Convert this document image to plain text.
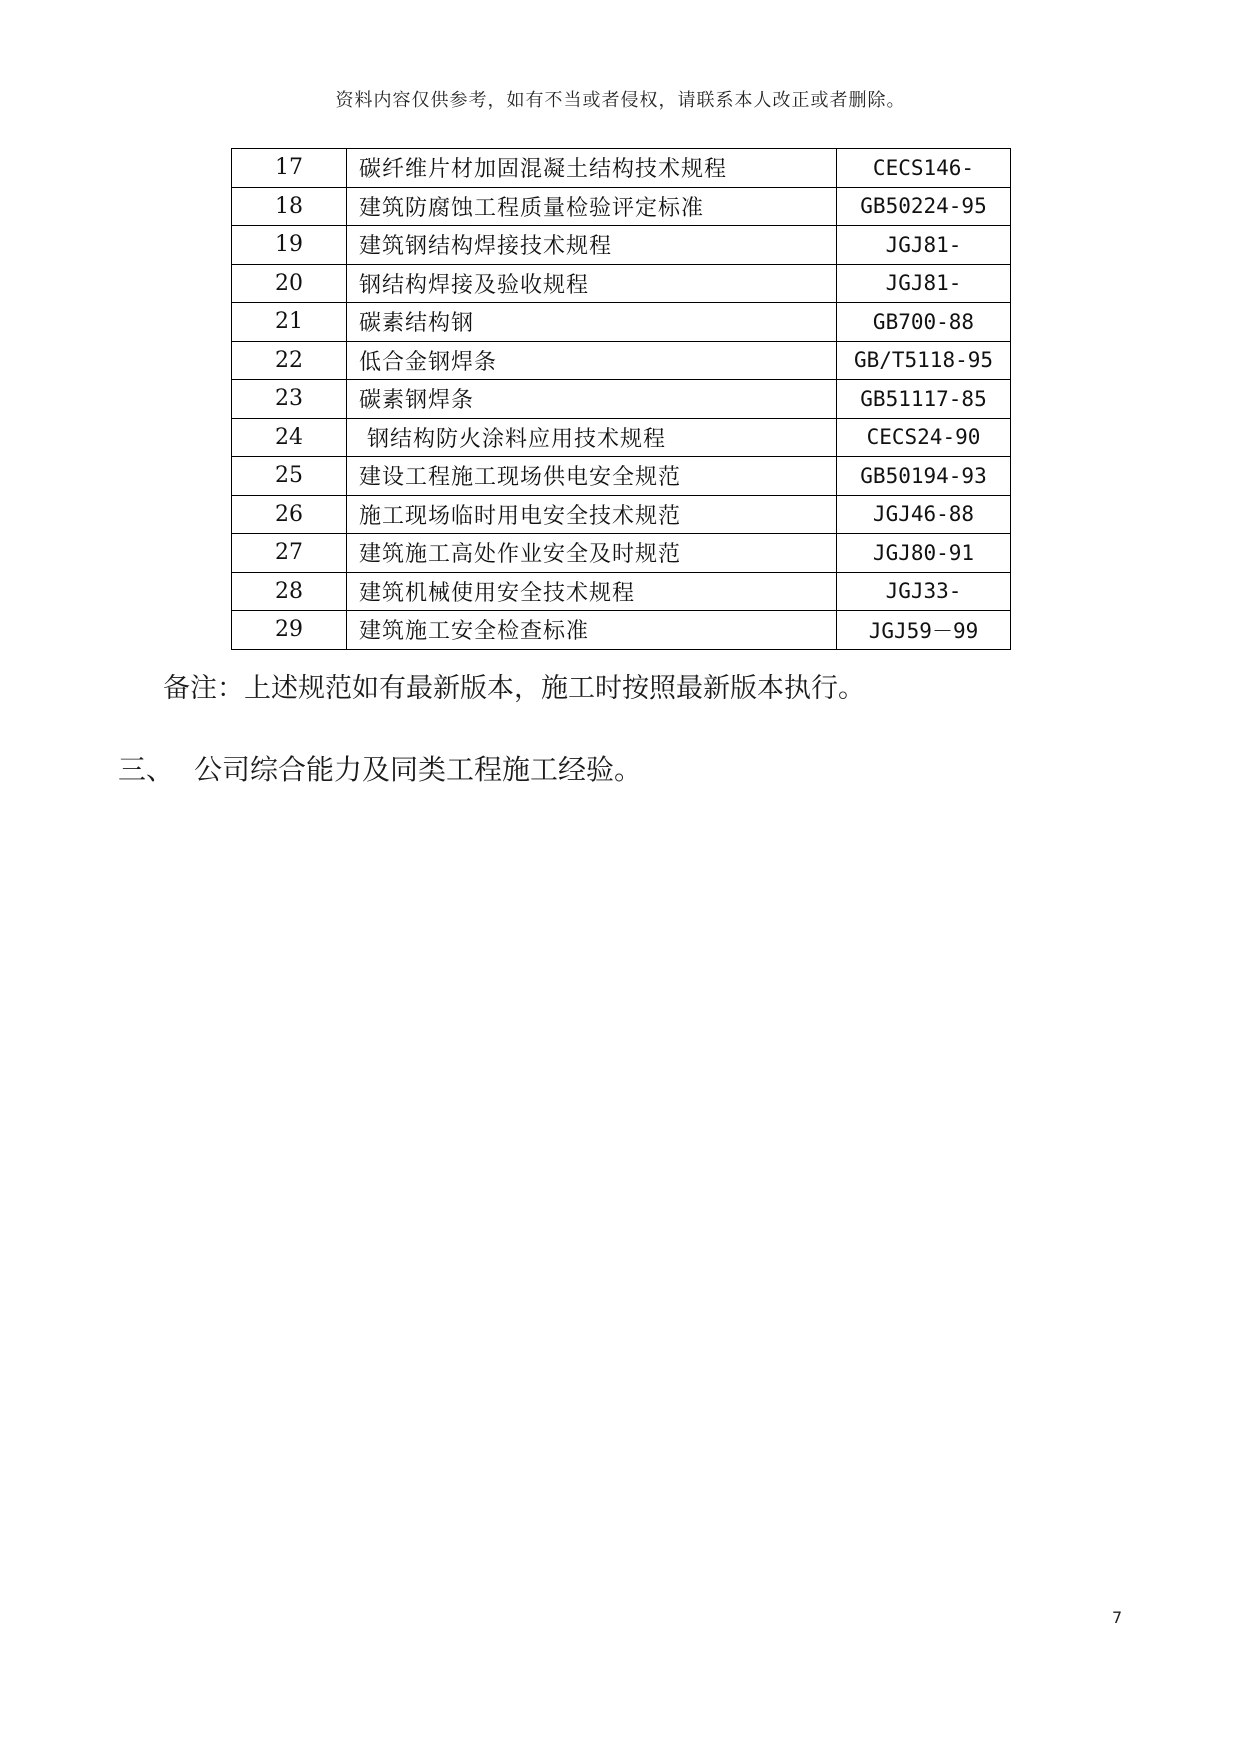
资料内容仅供参考，如有不当或者侵权，请联系本人改正或者删除。
17	碳纤维片材加固混凝土结构技术规程	CECS146-
18	建筑防腐蚀工程质量检验评定标准	GB50224-95
19	建筑钢结构焊接技术规程	JGJ81-
20	钢结构焊接及验收规程	JGJ81-
21	碳素结构钢	GB700-88
22	低合金钢焊条	GB/T5118-95
23	碳素钢焊条	GB51117-85
24	钢结构防火涂料应用技术规程	CECS24-90
25	建设工程施工现场供电安全规范	GB50194-93
26	施工现场临时用电安全技术规范	JGJ46-88
27	建筑施工高处作业安全及时规范	JGJ80-91
28	建筑机械使用安全技术规程	JGJ33-
29	建筑施工安全检查标准	JGJ59－99
备注：上述规范如有最新版本，施工时按照最新版本执行。
三、 公司综合能力及同类工程施工经验。
7
